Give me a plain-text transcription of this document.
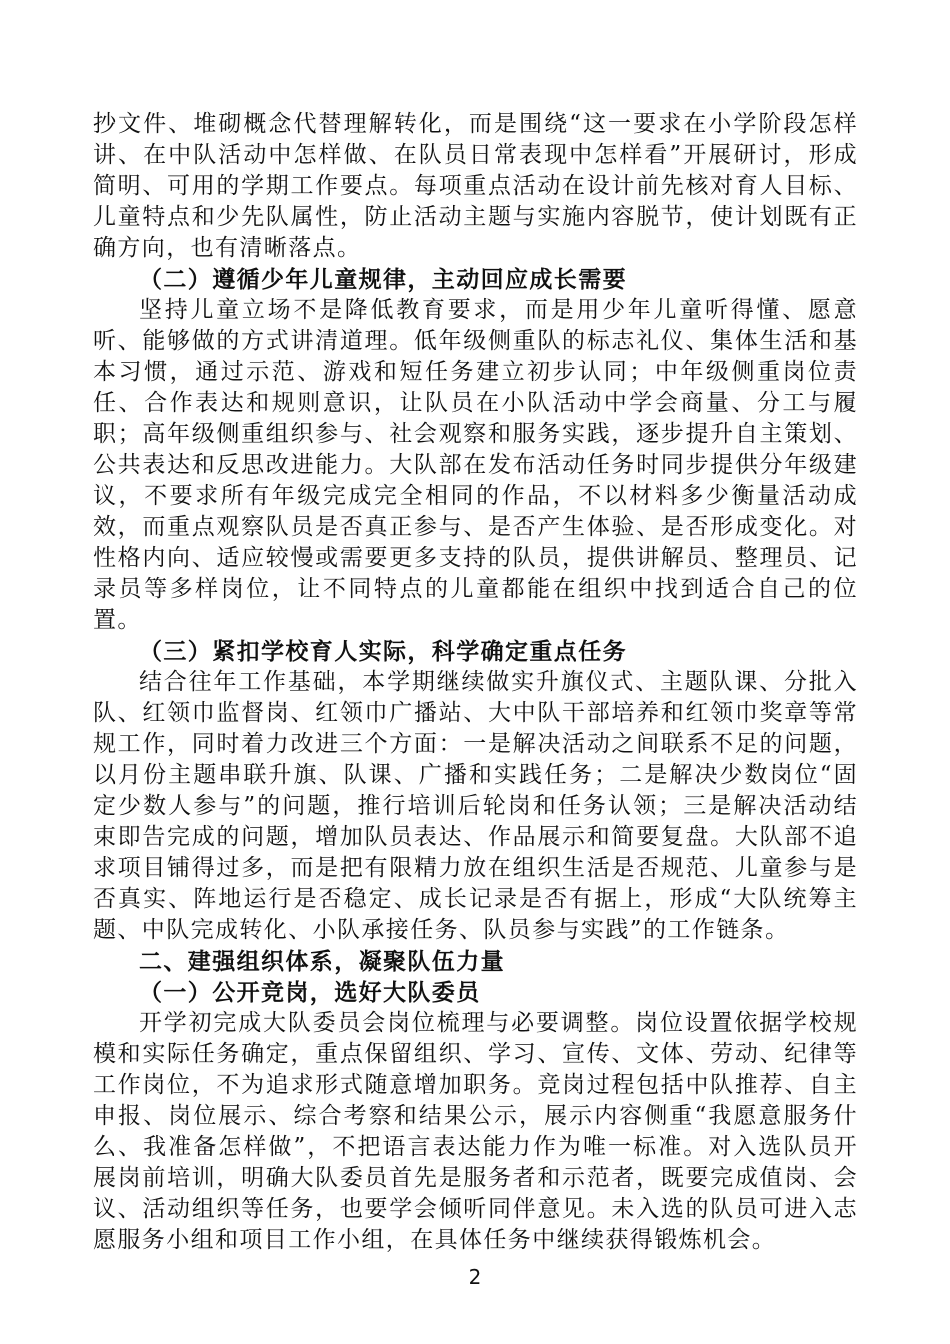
抄文件、堆砌概念代替理解转化，而是围绕“这一要求在小学阶段怎样讲、在中队活动中怎样做、在队员日常表现中怎样看”开展研讨，形成简明、可用的学期工作要点。每项重点活动在设计前先核对育人目标、儿童特点和少先队属性，防止活动主题与实施内容脱节，使计划既有正确方向，也有清晰落点。

（二）遵循少年儿童规律，主动回应成长需要

坚持儿童立场不是降低教育要求，而是用少年儿童听得懂、愿意听、能够做的方式讲清道理。低年级侧重队的标志礼仪、集体生活和基本习惯，通过示范、游戏和短任务建立初步认同；中年级侧重岗位责任、合作表达和规则意识，让队员在小队活动中学会商量、分工与履职；高年级侧重组织参与、社会观察和服务实践，逐步提升自主策划、公共表达和反思改进能力。大队部在发布活动任务时同步提供分年级建议，不要求所有年级完成完全相同的作品，不以材料多少衡量活动成效，而重点观察队员是否真正参与、是否产生体验、是否形成变化。对性格内向、适应较慢或需要更多支持的队员，提供讲解员、整理员、记录员等多样岗位，让不同特点的儿童都能在组织中找到适合自己的位置。

（三）紧扣学校育人实际，科学确定重点任务

结合往年工作基础，本学期继续做实升旗仪式、主题队课、分批入队、红领巾监督岗、红领巾广播站、大中队干部培养和红领巾奖章等常规工作，同时着力改进三个方面：一是解决活动之间联系不足的问题，以月份主题串联升旗、队课、广播和实践任务；二是解决少数岗位“固定少数人参与”的问题，推行培训后轮岗和任务认领；三是解决活动结束即告完成的问题，增加队员表达、作品展示和简要复盘。大队部不追求项目铺得过多，而是把有限精力放在组织生活是否规范、儿童参与是否真实、阵地运行是否稳定、成长记录是否有据上，形成“大队统筹主题、中队完成转化、小队承接任务、队员参与实践”的工作链条。

二、建强组织体系，凝聚队伍力量

（一）公开竞岗，选好大队委员

开学初完成大队委员会岗位梳理与必要调整。岗位设置依据学校规模和实际任务确定，重点保留组织、学习、宣传、文体、劳动、纪律等工作岗位，不为追求形式随意增加职务。竞岗过程包括中队推荐、自主申报、岗位展示、综合考察和结果公示，展示内容侧重“我愿意服务什么、我准备怎样做”，不把语言表达能力作为唯一标准。对入选队员开展岗前培训，明确大队委员首先是服务者和示范者，既要完成值岗、会议、活动组织等任务，也要学会倾听同伴意见。未入选的队员可进入志愿服务小组和项目工作小组，在具体任务中继续获得锻炼机会。

2
